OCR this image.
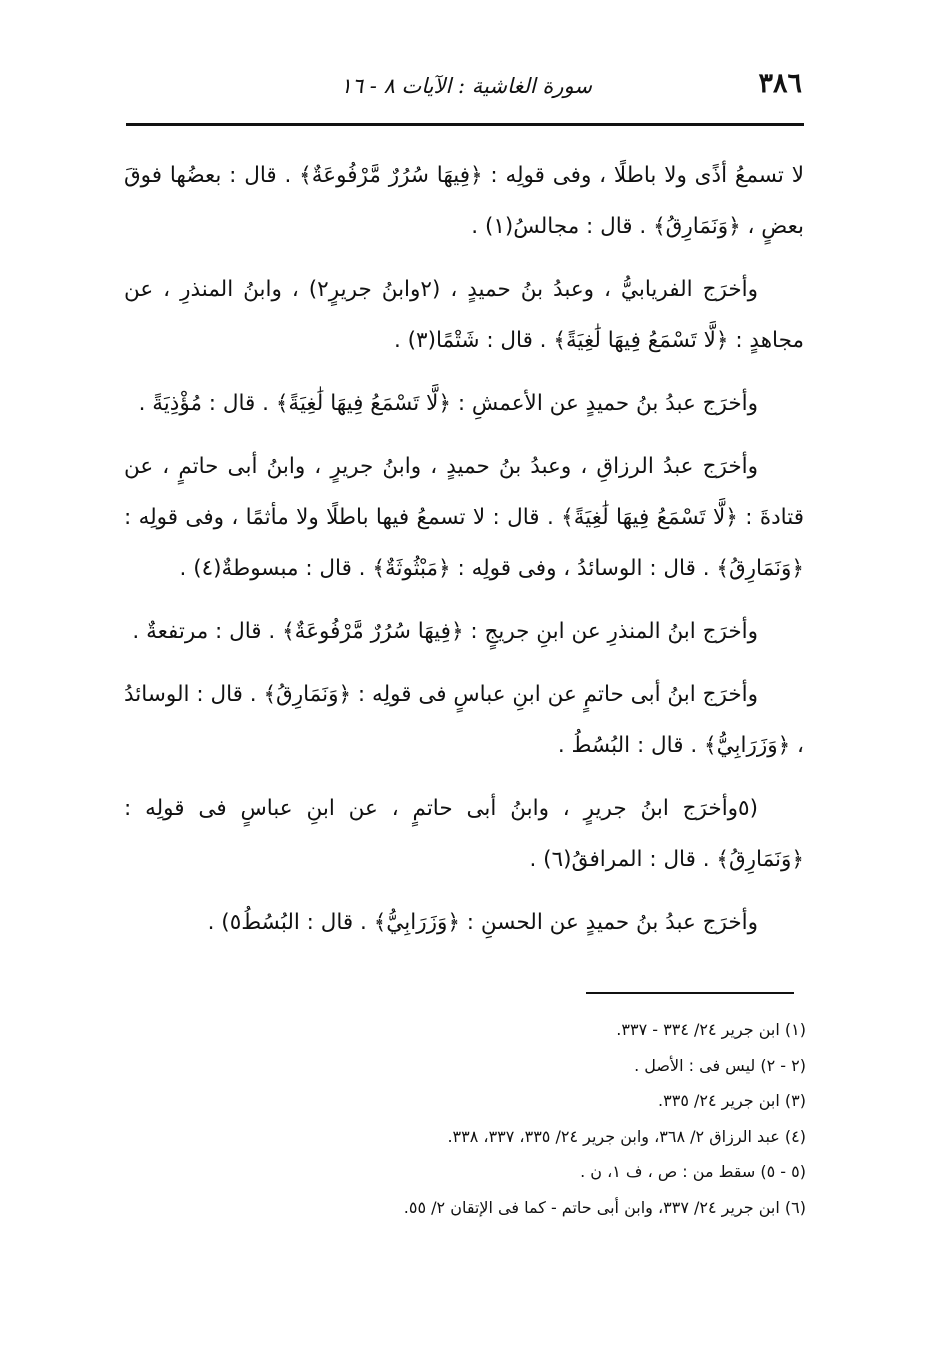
٣٨٦
سورة الغاشية : الآيات ٨ - ١٦

لا تسمعُ أذًى ولا باطلًا ، وفى قولِه : ﴿فِيهَا سُرُرٌ مَّرْفُوعَةٌ﴾ . قال : بعضُها فوقَ بعضٍ ، ﴿وَنَمَارِقُ﴾ . قال : مجالسُ(١) .

وأخرَج الفريابيُّ ، وعبدُ بنُ حميدٍ ، (٢وابنُ جريرٍ٢) ، وابنُ المنذرِ ، عن مجاهدٍ : ﴿لَّا تَسْمَعُ فِيهَا لَٰغِيَةً﴾ . قال : شَتْمًا(٣) .

وأخرَج عبدُ بنُ حميدٍ عن الأعمشِ : ﴿لَّا تَسْمَعُ فِيهَا لَٰغِيَةً﴾ . قال : مُؤْذِيَةً .

وأخرَج عبدُ الرزاقِ ، وعبدُ بنُ حميدٍ ، وابنُ جريرٍ ، وابنُ أبى حاتمٍ ، عن قتادةَ : ﴿لَّا تَسْمَعُ فِيهَا لَٰغِيَةً﴾ . قال : لا تسمعُ فيها باطلًا ولا مأثمًا ، وفى قولِه : ﴿وَنَمَارِقُ﴾ . قال : الوسائدُ ، وفى قولِه : ﴿مَبْثُوثَةٌ﴾ . قال : مبسوطةٌ(٤) .

وأخرَج ابنُ المنذرِ عن ابنِ جريجٍ : ﴿فِيهَا سُرُرٌ مَّرْفُوعَةٌ﴾ . قال : مرتفعةٌ .

وأخرَج ابنُ أبى حاتمٍ عن ابنِ عباسٍ فى قولِه : ﴿وَنَمَارِقُ﴾ . قال : الوسائدُ ، ﴿وَزَرَابِيُّ﴾ . قال : البُسُطُ .

(٥وأخرَج ابنُ جريرٍ ، وابنُ أبى حاتمٍ ، عن ابنِ عباسٍ فى قولِه : ﴿وَنَمَارِقُ﴾ . قال : المرافقُ(٦) .

وأخرَج عبدُ بنُ حميدٍ عن الحسنِ : ﴿وَزَرَابِيُّ﴾ . قال : البُسُطُ٥) .

(١) ابن جرير ٢٤/ ٣٣٤ - ٣٣٧.
(٢ - ٢) ليس فى : الأصل .
(٣) ابن جرير ٢٤/ ٣٣٥.
(٤) عبد الرزاق ٢/ ٣٦٨، وابن جرير ٢٤/ ٣٣٥، ٣٣٧، ٣٣٨.
(٥ - ٥) سقط من : ص ، ف ١، ن .
(٦) ابن جرير ٢٤/ ٣٣٧، وابن أبى حاتم - كما فى الإتقان ٢/ ٥٥.
